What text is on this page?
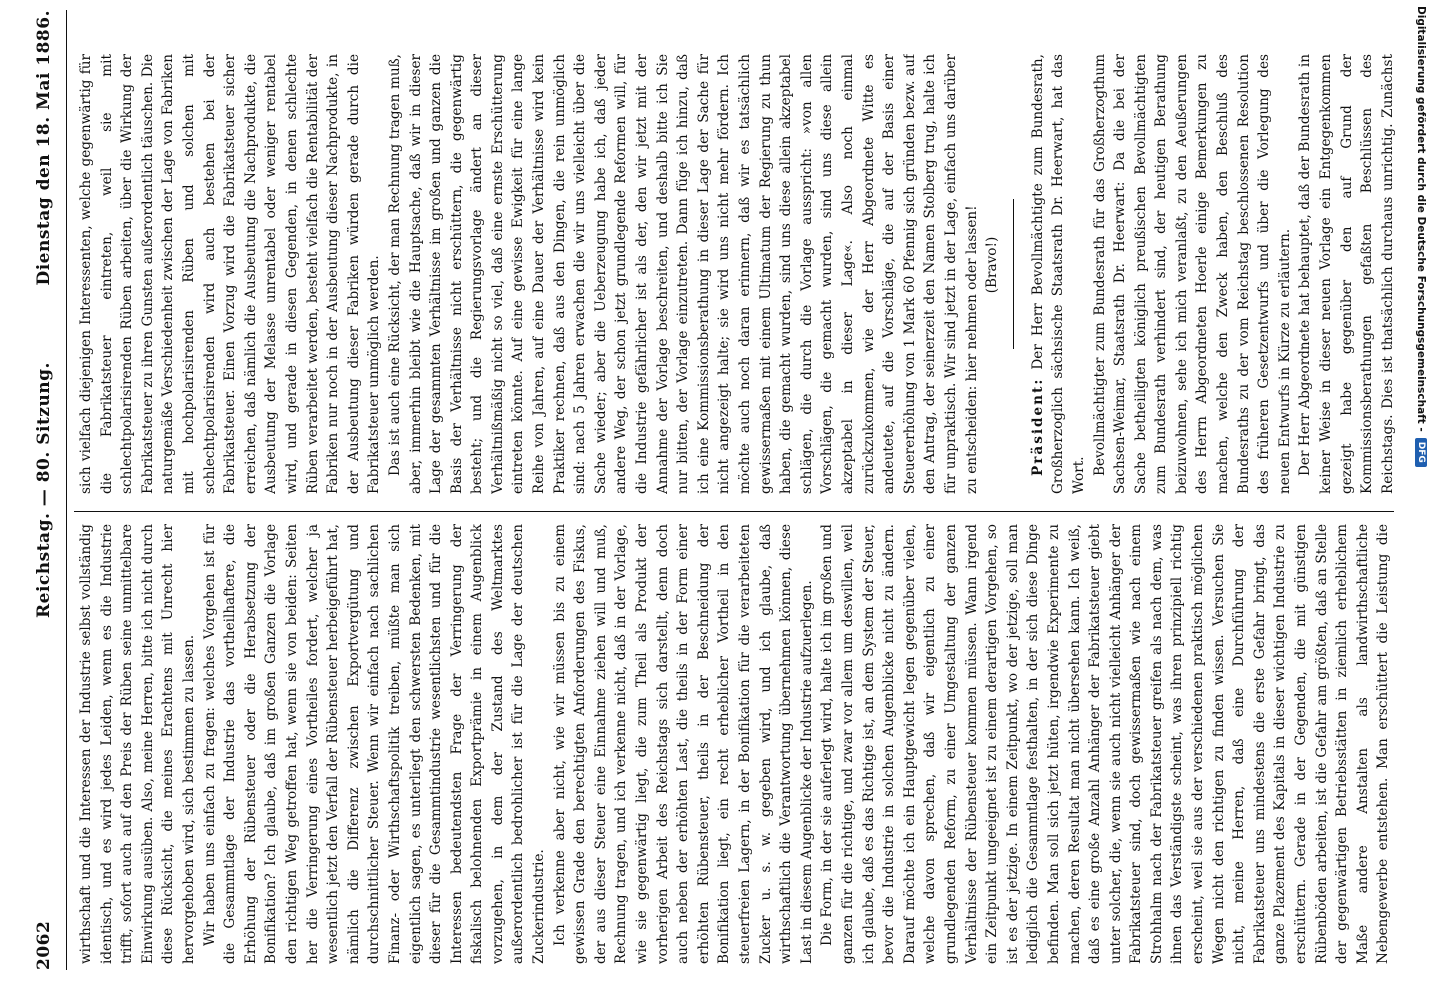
2062
Reichstag. — 80. Sitzung.
Dienstag den 18. Mai 1886.

wirthschaft und die Interessen der Industrie selbst vollständig identisch, und es wird jedes Leiden, wenn es die Industrie trifft, sofort auch auf den Preis der Rüben seine unmittelbare Einwirkung ausüben. Also, meine Herren, bitte ich nicht durch diese Rücksicht, die meines Erachtens mit Unrecht hier hervorgehoben wird, sich bestimmen zu lassen. Wir haben uns einfach zu fragen: welches Vorgehen ist für die Gesammtlage der Industrie das vortheilhaftere, die Erhöhung der Rübensteuer oder die Herabsetzung der Bonifikation? Ich glaube, daß im großen Ganzen die Vorlage den richtigen Weg getroffen hat, wenn sie von beiden: Seiten her die Verringerung eines Vortheiles fordert, welcher ja wesentlich jetzt den Verfall der Rübensteuer herbeigeführt hat, nämlich die Differenz zwischen Exportvergütung und durchschnittlicher Steuer. Wenn wir einfach nach sachlichen Finanz- oder Wirthschaftspolitik treiben, müßte man sich eigentlich sagen, es unterliegt den schwersten Bedenken, mit dieser für die Gesammtindustrie wesentlichsten und für die Interessen bedeutendsten Frage der Verringerung der fiskalisch belohnenden Exportprämie in einem Augenblick vorzugehen, in dem der Zustand des Weltmarktes außerordentlich bedrohlicher ist für die Lage der deutschen Zuckerindustrie. Ich verkenne aber nicht, wie wir müssen bis zu einem gewissen Grade den berechtigten Anforderungen des Fiskus, der aus dieser Steuer eine Einnahme ziehen will und muß, Rechnung tragen, und ich verkenne nicht, daß in der Vorlage, wie sie gegenwärtig liegt, die zum Theil als Produkt der vorherigen Arbeit des Reichstags sich darstellt, denn doch auch neben der erhöhten Last, die theils in der Form einer erhöhten Rübensteuer, theils in der Beschneidung der Bonifikation liegt, ein recht erheblicher Vortheil in den steuerfreien Lagern, in der Bonifikation für die verarbeiteten Zucker u. s. w. gegeben wird, und ich glaube, daß wirthschaftlich die Verantwortung übernehmen können, diese Last in diesem Augenblicke der Industrie aufzuerlegen. Die Form, in der sie auferlegt wird, halte ich im großen und ganzen für die richtige, und zwar vor allem um deswillen, weil ich glaube, daß es das Richtige ist, an dem System der Steuer, bevor die Industrie in solchen Augenblicke nicht zu ändern. Darauf möchte ich ein Hauptgewicht legen gegenüber vielen, welche davon sprechen, daß wir eigentlich zu einer grundlegenden Reform, zu einer Umgestaltung der ganzen Verhältnisse der Rübensteuer kommen müssen. Wann irgend ein Zeitpunkt ungeeignet ist zu einem derartigen Vorgehen, so ist es der jetzige. In einem Zeitpunkt, wo der jetzige, soll man lediglich die Gesammtlage festhalten, in der sich diese Dinge befinden. Man soll sich jetzt hüten, irgendwie Experimente zu machen, deren Resultat man nicht übersehen kann. Ich weiß, daß es eine große Anzahl Anhänger der Fabrikatsteuer giebt unter solcher, die, wenn sie auch nicht vielleicht Anhänger der Fabrikatsteuer sind, doch gewissermaßen wie nach einem Strohhalm nach der Fabrikatsteuer greifen als nach dem, was ihnen das Verständigste scheint, was ihren prinzipiell richtig erscheint, weil sie aus der verschiedenen praktisch möglichen Wegen nicht den richtigen zu finden wissen. Versuchen Sie nicht, meine Herren, daß eine Durchführung der Fabrikatsteuer uns mindestens die erste Gefahr bringt, das ganze Plazement des Kapitals in dieser wichtigen Industrie zu erschüttern. Gerade in der Gegenden, die mit günstigen Rübenböden arbeiten, ist die Gefahr am größten, daß an Stelle der gegenwärtigen Betriebsstätten in ziemlich erheblichem Maße andere Anstalten als landwirthschaftliche Nebengewerbe entstehen. Man erschüttert die Leistung die

sich vielfach diejenigen Interessenten, welche gegenwärtig für die Fabrikatsteuer eintreten, weil sie mit schlechtpolarisirenden Rüben arbeiten, über die Wirkung der Fabrikatsteuer zu ihren Gunsten außerordentlich täuschen. Die naturgemäße Verschiedenheit zwischen der Lage von Fabriken mit hochpolarisirenden Rüben und solchen mit schlechtpolarisirenden wird auch bestehen bei der Fabrikatsteuer. Einen Vorzug wird die Fabrikatsteuer sicher erreichen, daß nämlich die Ausbeutung die Nachprodukte, die Ausbeutung der Melasse unrentabel oder weniger rentabel wird, und gerade in diesen Gegenden, in denen schlechte Rüben verarbeitet werden, besteht vielfach die Rentabilität der Fabriken nur noch in der Ausbeutung dieser Nachprodukte, in der Ausbeutung dieser Fabriken würden gerade durch die Fabrikatsteuer unmöglich werden. Das ist auch eine Rücksicht, der man Rechnung tragen muß, aber, immerhin bleibt wie die Hauptsache, daß wir in dieser Lage der gesammten Verhältnisse im großen und ganzen die Basis der Verhältnisse nicht erschüttern, die gegenwärtig besteht; und die Regierungsvorlage ändert an dieser Verhältnißmäßig nicht so viel, daß eine ernste Erschütterung eintreten könnte. Auf eine gewisse Ewigkeit für eine lange Reihe von Jahren, auf eine Dauer der Verhältnisse wird kein Praktiker rechnen, daß aus den Dingen, die rein unmöglich sind: nach 5 Jahren erwachen die wir uns vielleicht über die Sache wieder; aber die Ueberzeugung habe ich, daß jeder andere Weg, der schon jetzt grundlegende Reformen will, für die Industrie gefährlicher ist als der, den wir jetzt mit der Annahme der Vorlage beschreiten, und deshalb bitte ich Sie nur bitten, der Vorlage einzutreten. Dann füge ich hinzu, daß ich eine Kommissionsberathung in dieser Lage der Sache für nicht angezeigt halte; sie wird uns nicht mehr fördern. Ich möchte auch noch daran erinnern, daß wir es tatsächlich gewissermaßen mit einem Ultimatum der Regierung zu thun haben, die gemacht wurden, sind uns diese allein akzeptabel schlägen, die durch die Vorlage ausspricht: »von allen Vorschlägen, die gemacht wurden, sind uns diese allein akzeptabel in dieser Lage«. Also noch einmal zurückzukommen, wie der Herr Abgeordnete Witte es andeutete, auf die Vorschläge, die auf der Basis einer Steuererhöhung von 1 Mark 60 Pfennig sich gründen bezw. auf den Antrag, der seinerzeit den Namen Stolberg trug, halte ich für unpraktisch. Wir sind jetzt in der Lage, einfach uns darüber zu entscheiden: hier nehmen oder lassen! (Bravo!)

Präsident: Der Herr Bevollmächtigte zum Bundesrath, Großherzoglich sächsische Staatsrath Dr. Heerwart, hat das Wort. Bevollmächtigter zum Bundesrath für das Großherzogthum Sachsen-Weimar, Staatsrath Dr. Heerwart: Da die bei der Sache betheiligten königlich preußischen Bevollmächtigten zum Bundesrath verhindert sind, der heutigen Berathung beizuwohnen, sehe ich mich veranlaßt, zu den Aeußerungen des Herrn Abgeordneten Hoerle einige Bemerkungen zu machen, welche den Zweck haben, den Beschluß des Bundesraths zu der vom Reichstag beschlossenen Resolution des früheren Gesetzentwurfs und über die Vorlegung des neuen Entwurfs in Kürze zu erläutern. Der Herr Abgeordnete hat behauptet, daß der Bundesrath in keiner Weise in dieser neuen Vorlage ein Entgegenkommen gezeigt habe gegenüber den auf Grund der Kommissionsberathungen gefaßten Beschlüssen des Reichstags. Dies ist thatsächlich durchaus unrichtig. Zunächst	Digitalisierung gefördert durch die Deutsche Forschungsgemeinschaft -
DFG
